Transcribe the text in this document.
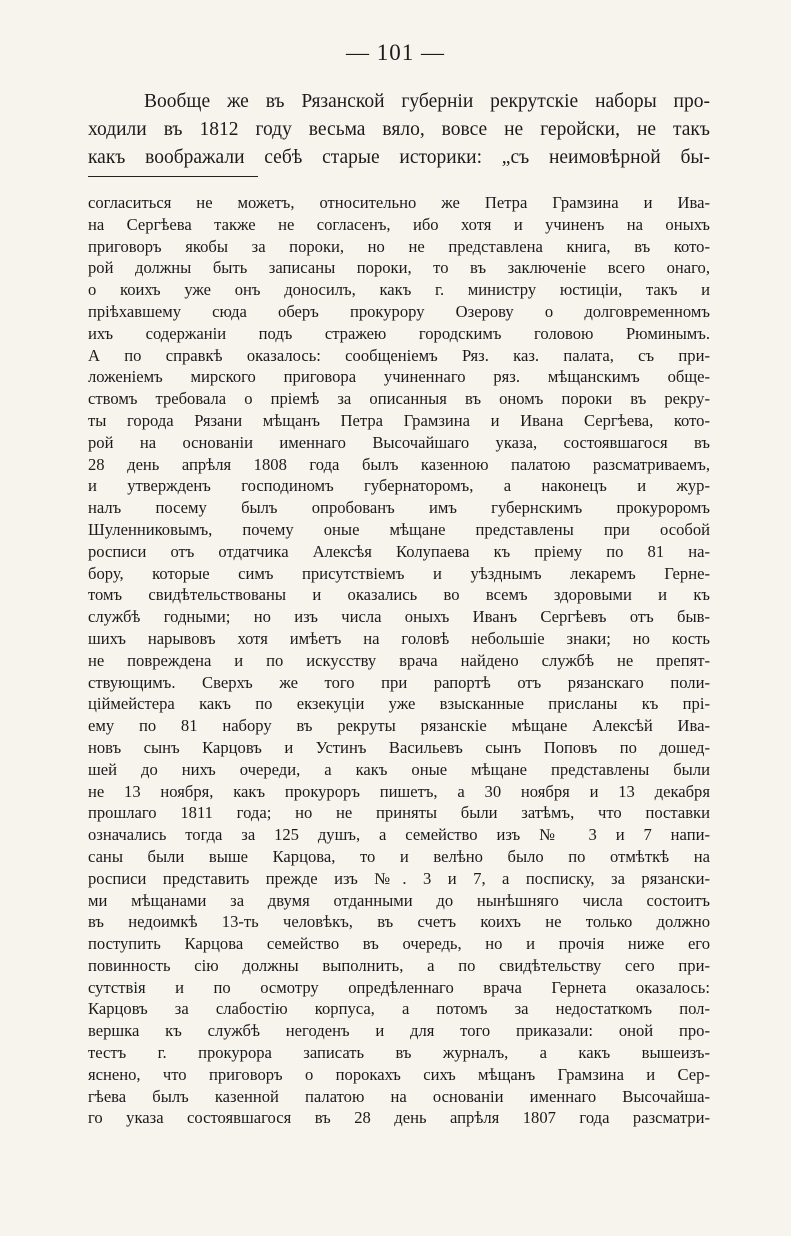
— 101 —
Вообще же въ Рязанской губерніи рекрутскіе наборы про-
ходили въ 1812 году весьма вяло, вовсе не геройски, не такъ
какъ воображали себѣ старые историки: „съ неимовѣрной бы-
согласиться не можетъ, относительно же Петра Грамзина и Ива-
на Сергѣева также не согласенъ, ибо хотя и учиненъ на оныхъ
приговоръ якобы за пороки, но не представлена книга, въ кото-
рой должны быть записаны пороки, то въ заключеніе всего онаго,
о коихъ уже онъ доносилъ, какъ г. министру юстиціи, такъ и
пріѣхавшему сюда оберъ прокурору Озерову о долговременномъ
ихъ содержаніи подъ стражею городскимъ головою Рюминымъ.
А по справкѣ оказалось: сообщеніемъ Ряз. каз. палата, съ при-
ложеніемъ мирского приговора учиненнаго ряз. мѣщанскимъ обще-
ствомъ требовала о пріемѣ за описанныя въ ономъ пороки въ рекру-
ты города Рязани мѣщанъ Петра Грамзина и Ивана Сергѣева, кото-
рой на основаніи именнаго Высочайшаго указа, состоявшагося въ
28 день апрѣля 1808 года былъ казенною палатою разсматриваемъ,
и утвержденъ господиномъ губернаторомъ, а наконецъ и жур-
налъ посему былъ опробованъ имъ губернскимъ прокуроромъ
Шуленниковымъ, почему оные мѣщане представлены при особой
росписи отъ отдатчика Алексѣя Колупаева къ пріему по 81 на-
бору, которые симъ присутствіемъ и уѣзднымъ лекаремъ Герне-
томъ свидѣтельствованы и оказались во всемъ здоровыми и къ
службѣ годными; но изъ числа оныхъ Иванъ Сергѣевъ отъ быв-
шихъ нарывовъ хотя имѣетъ на головѣ небольшіе знаки; но кость
не повреждена и по искусству врача найдено службѣ не препят-
ствующимъ. Сверхъ же того при рапортѣ отъ рязанскаго поли-
ціймейстера какъ по екзекуціи уже взысканные присланы къ прі-
ему по 81 набору въ рекруты рязанскіе мѣщане Алексѣй Ива-
новъ сынъ Карцовъ и Устинъ Васильевъ сынъ Поповъ по дошед-
шей до нихъ очереди, а какъ оные мѣщане представлены были
не 13 ноября, какъ прокуроръ пишетъ, а 30 ноября и 13 декабря
прошлаго 1811 года; но не приняты были затѣмъ, что поставки
означались тогда за 125 душъ, а семейство изъ № 3 и 7 напи-
саны были выше Карцова, то и велѣно было по отмѣткѣ на
росписи представить прежде изъ №. 3 и 7, а посписку, за рязански-
ми мѣщанами за двумя отданными до нынѣшняго числа состоитъ
въ недоимкѣ 13-ть человѣкъ, въ счетъ коихъ не только должно
поступить Карцова семейство въ очередь, но и прочія ниже его
повинность сію должны выполнить, а по свидѣтельству сего при-
сутствія и по осмотру опредѣленнаго врача Гернета оказалось:
Карцовъ за слабостію корпуса, а потомъ за недостаткомъ пол-
вершка къ службѣ негоденъ и для того приказали: оной про-
тестъ г. прокурора записать въ журналъ, а какъ вышеизъ-
яснено, что приговоръ о порокахъ сихъ мѣщанъ Грамзина и Сер-
гѣева былъ казенной палатою на основаніи именнаго Высочайша-
го указа состоявшагося въ 28 день апрѣля 1807 года разсматри-
